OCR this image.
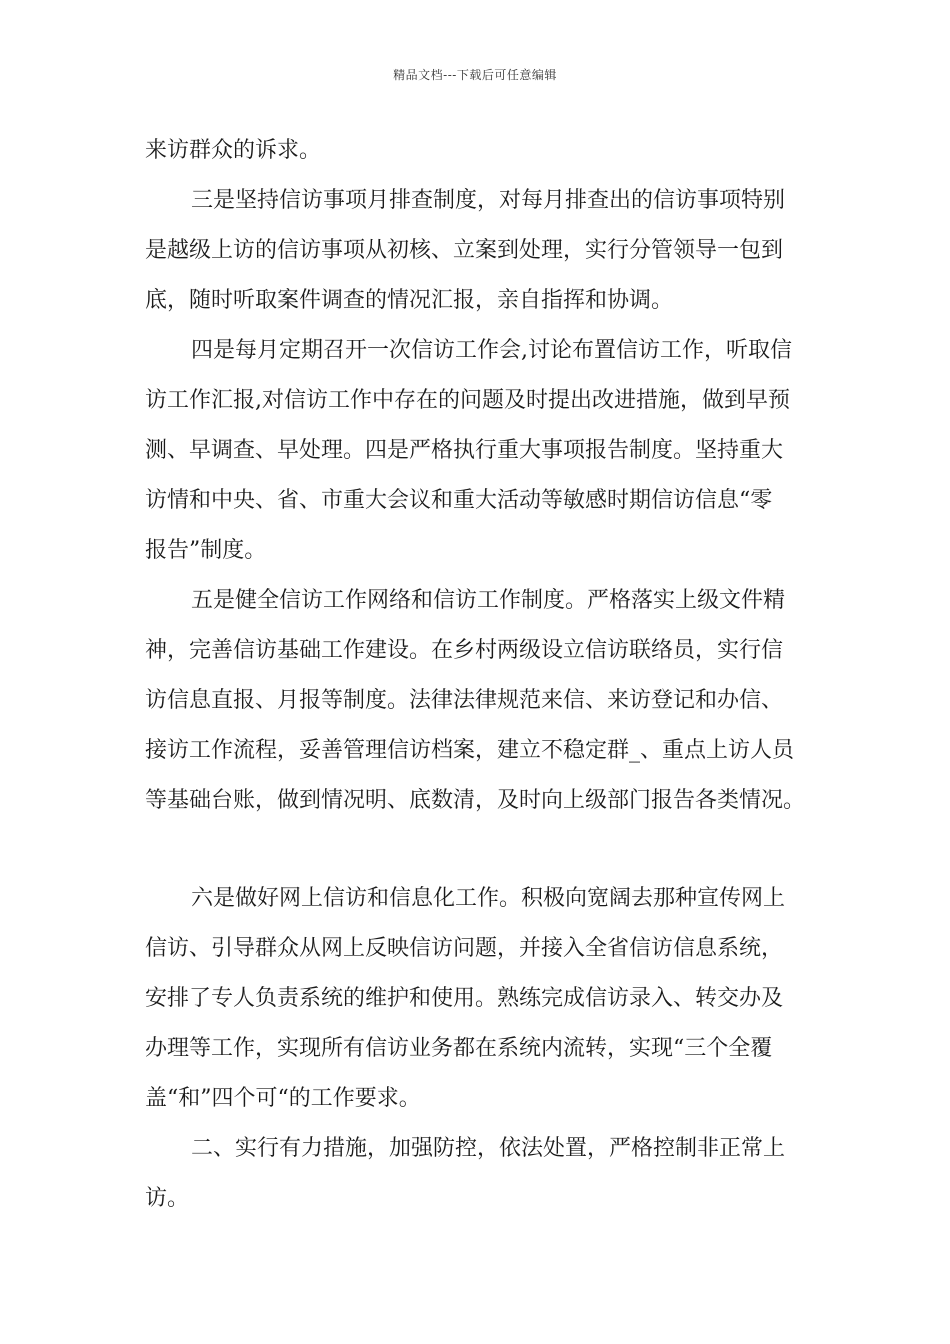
精品文档---下载后可任意编辑
来访群众的诉求。
三是坚持信访事项月排查制度，对每月排查出的信访事项特别
是越级上访的信访事项从初核、立案到处理，实行分管领导一包到
底，随时听取案件调查的情况汇报，亲自指挥和协调。
四是每月定期召开一次信访工作会,讨论布置信访工作，听取信
访工作汇报,对信访工作中存在的问题及时提出改进措施，做到早预
测、早调查、早处理。四是严格执行重大事项报告制度。坚持重大
访情和中央、省、市重大会议和重大活动等敏感时期信访信息“零
报告”制度。
五是健全信访工作网络和信访工作制度。严格落实上级文件精
神，完善信访基础工作建设。在乡村两级设立信访联络员，实行信
访信息直报、月报等制度。法律法律规范来信、来访登记和办信、
接访工作流程，妥善管理信访档案，建立不稳定群_、重点上访人员
等基础台账，做到情况明、底数清，及时向上级部门报告各类情况。
六是做好网上信访和信息化工作。积极向宽阔去那种宣传网上
信访、引导群众从网上反映信访问题，并接入全省信访信息系统，
安排了专人负责系统的维护和使用。熟练完成信访录入、转交办及
办理等工作，实现所有信访业务都在系统内流转，实现“三个全覆
盖“和”四个可“的工作要求。
二、实行有力措施，加强防控，依法处置，严格控制非正常上
访。
